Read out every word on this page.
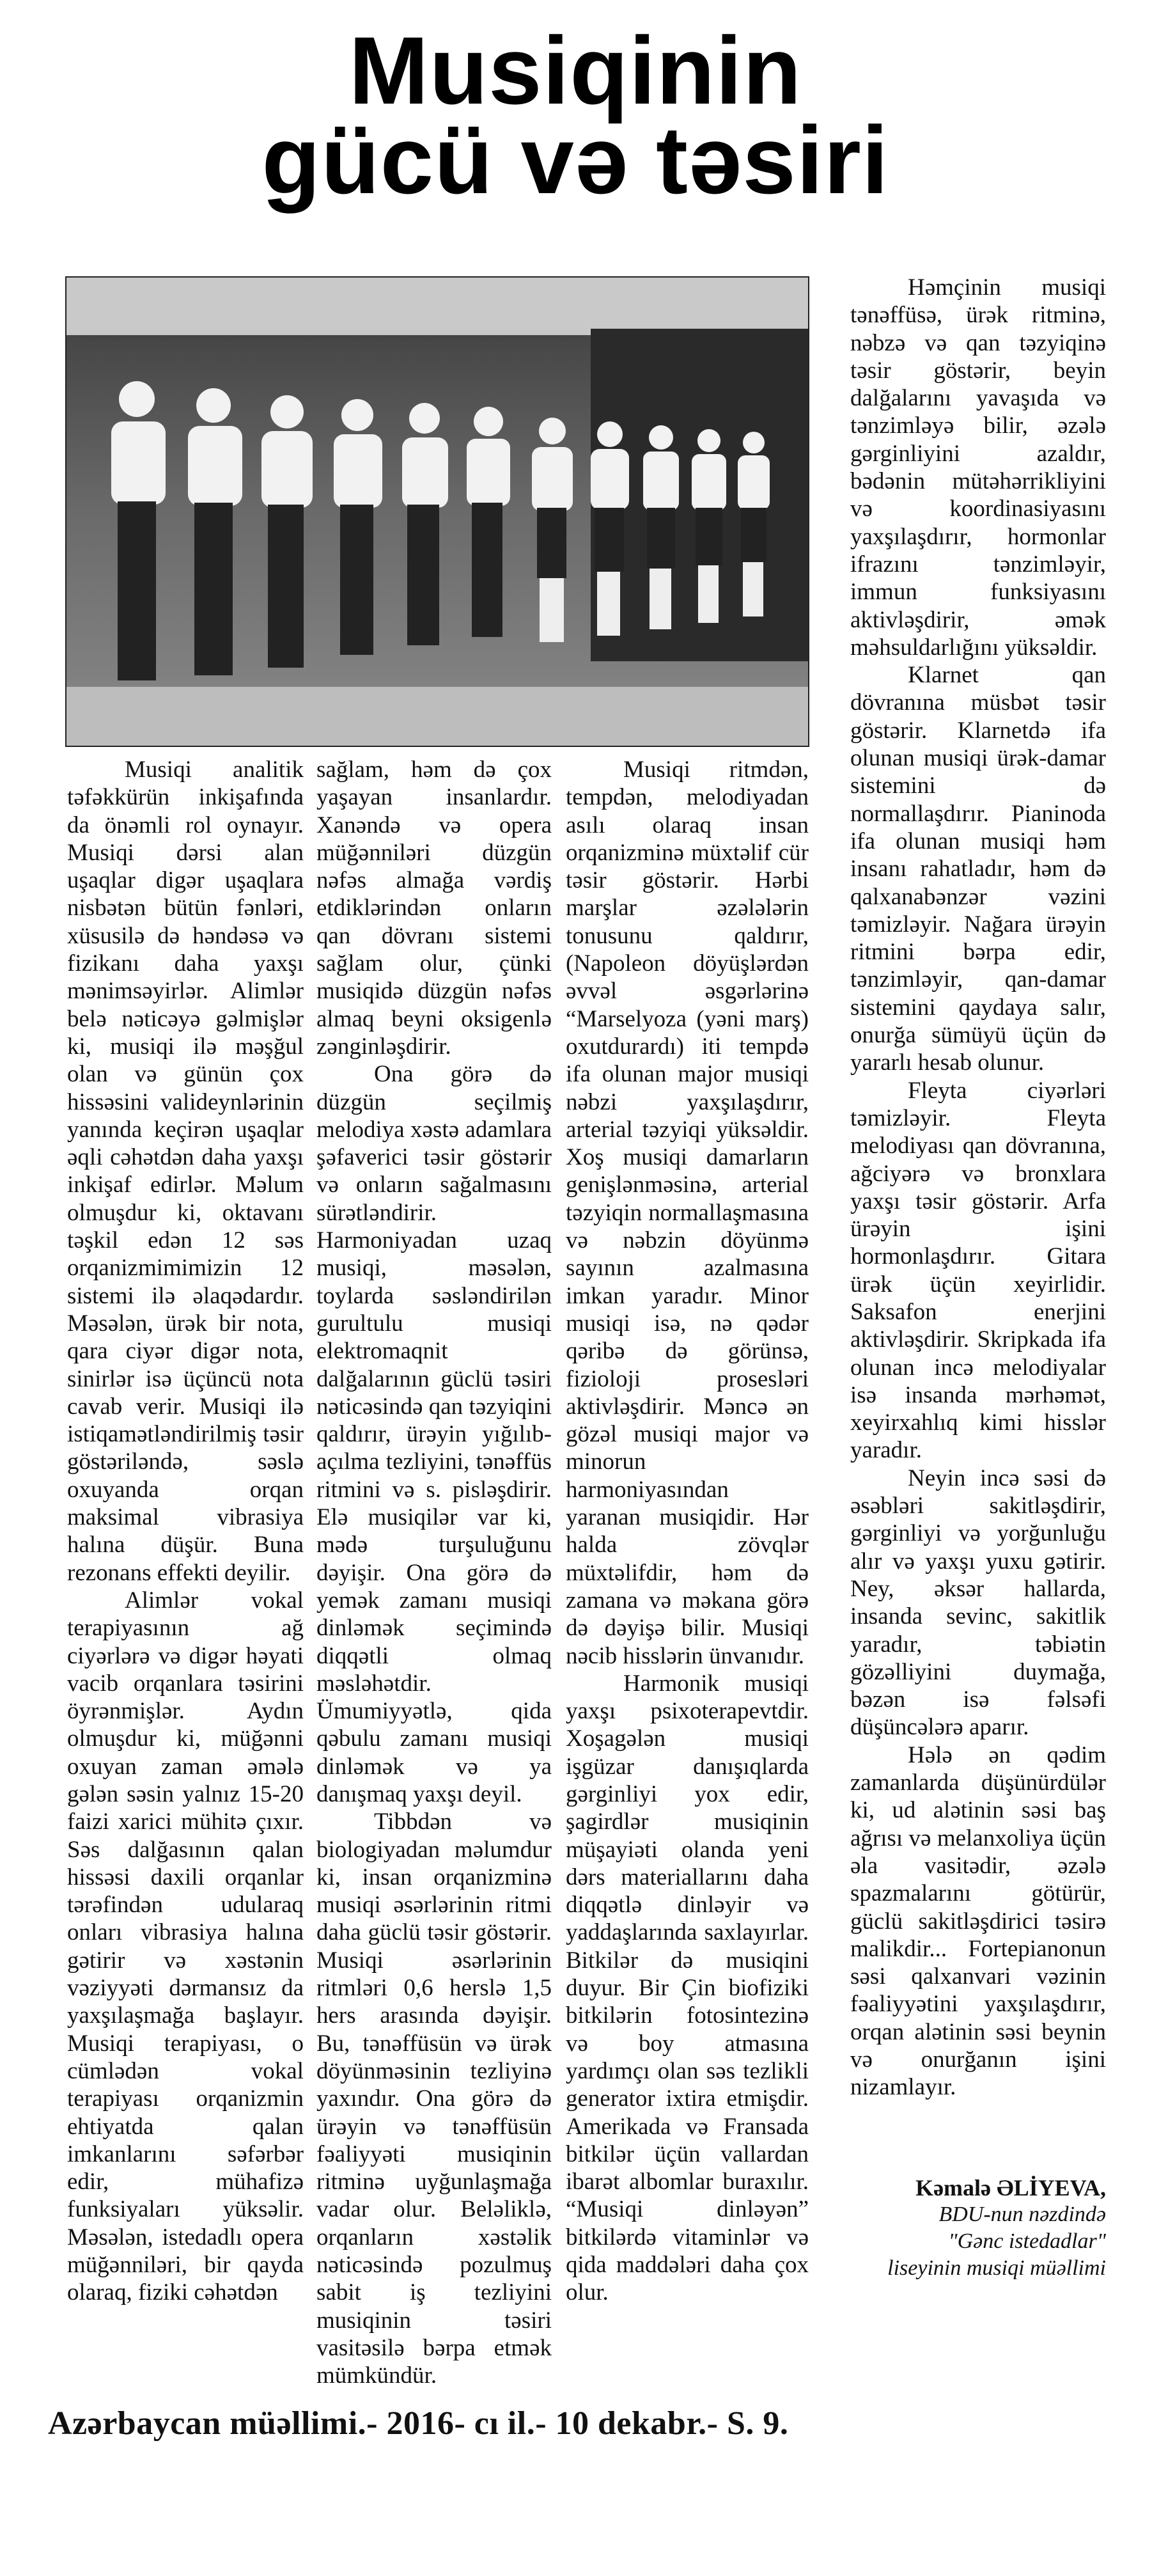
Musiqinin
gücü və təsiri

Musiqi analitik təfəkkürün inkişafında da önəmli rol oynayır. Musiqi dərsi alan uşaqlar digər uşaqlara nisbətən bütün fənləri, xüsusilə də həndəsə və fizikanı daha yaxşı mənimsəyirlər. Alimlər belə nəticəyə gəlmişlər ki, musiqi ilə məşğul olan və günün çox hissəsini valideynlərinin yanında keçirən uşaqlar əqli cəhətdən daha yaxşı inkişaf edirlər. Məlum olmuşdur ki, oktavanı təşkil edən 12 səs orqanizmimimizin 12 sistemi ilə əlaqədardır. Məsələn, ürək bir nota, qara ciyər digər nota, sinirlər isə üçüncü nota cavab verir. Musiqi ilə istiqamətləndirilmiş təsir göstəriləndə, səslə oxuyanda orqan maksimal vibrasiya halına düşür. Buna rezonans effekti deyilir.

Alimlər vokal terapiyasının ağ ciyərlərə və digər həyati vacib orqanlara təsirini öyrənmişlər. Aydın olmuşdur ki, müğənni oxuyan zaman əmələ gələn səsin yalnız 15-20 faizi xarici mühitə çıxır. Səs dalğasının qalan hissəsi daxili orqanlar tərəfindən udularaq onları vibrasiya halına gətirir və xəstənin vəziyyəti dərmansız da yaxşılaşmağa başlayır. Musiqi terapiyası, o cümlədən vokal terapiyası orqanizmin ehtiyatda qalan imkanlarını səfərbər edir, mühafizə funksiyaları yüksəlir. Məsələn, istedadlı opera müğənniləri, bir qayda olaraq, fiziki cəhətdən

sağlam, həm də çox yaşayan insanlardır. Xanəndə və opera müğənniləri düzgün nəfəs almağa vərdiş etdiklərindən onların qan dövranı sistemi sağlam olur, çünki musiqidə düzgün nəfəs almaq beyni oksigenlə zənginləşdirir.

Ona görə də düzgün seçilmiş melodiya xəstə adamlara şəfaverici təsir göstərir və onların sağalmasını sürətləndirir. Harmoniyadan uzaq musiqi, məsələn, toylarda səsləndirilən gurultulu musiqi elektromaqnit dalğalarının güclü təsiri nəticəsində qan təzyiqini qaldırır, ürəyin yığılıb-açılma tezliyini, tənəffüs ritmini və s. pisləşdirir. Elə musiqilər var ki, mədə turşuluğunu dəyişir. Ona görə də yemək zamanı musiqi dinləmək seçimində diqqətli olmaq məsləhətdir. Ümumiyyətlə, qida qəbulu zamanı musiqi dinləmək və ya danışmaq yaxşı deyil.

Tibbdən və biologiyadan məlumdur ki, insan orqanizminə musiqi əsərlərinin ritmi daha güclü təsir göstərir. Musiqi əsərlərinin ritmləri 0,6 herslə 1,5 hers arasında dəyişir. Bu, tənəffüsün və ürək döyünməsinin tezliyinə yaxındır. Ona görə də ürəyin və tənəffüsün fəaliyyəti musiqinin ritminə uyğunlaşmağa vadar olur. Beləliklə, orqanların xəstəlik nəticəsində pozulmuş sabit iş tezliyini musiqinin təsiri vasitəsilə bərpa etmək mümkündür.

Musiqi ritmdən, tempdən, melodiyadan asılı olaraq insan orqanizminə müxtəlif cür təsir göstərir. Hərbi marşlar əzələlərin tonusunu qaldırır, (Napoleon döyüşlərdən əvvəl əsgərlərinə “Marselyoza (yəni marş) oxutdurardı) iti tempdə ifa olunan major musiqi nəbzi yaxşılaşdırır, arterial təzyiqi yüksəldir. Xoş musiqi damarların genişlənməsinə, arterial təzyiqin normallaşmasına və nəbzin döyünmə sayının azalmasına imkan yaradır. Minor musiqi isə, nə qədər qəribə də görünsə, fizioloji prosesləri aktivləşdirir. Məncə ən gözəl musiqi major və minorun harmoniyasından yaranan musiqidir. Hər halda zövqlər müxtəlifdir, həm də zamana və məkana görə də dəyişə bilir. Musiqi nəcib hisslərin ünvanıdır.

Harmonik musiqi yaxşı psixoterapevtdir. Xoşagələn musiqi işgüzar danışıqlarda gərginliyi yox edir, şagirdlər musiqinin müşayiəti olanda yeni dərs materiallarını daha diqqətlə dinləyir və yaddaşlarında saxlayırlar. Bitkilər də musiqini duyur. Bir Çin biofiziki bitkilərin fotosintezinə və boy atmasına yardımçı olan səs tezlikli generator ixtira etmişdir. Amerikada və Fransada bitkilər üçün vallardan ibarət albomlar buraxılır. “Musiqi dinləyən” bitkilərdə vitaminlər və qida maddələri daha çox olur.

Həmçinin musiqi tənəffüsə, ürək ritminə, nəbzə və qan təzyiqinə təsir göstərir, beyin dalğalarını yavaşıda və tənzimləyə bilir, əzələ gərginliyini azaldır, bədənin mütəhərrikliyini və koordinasiyasını yaxşılaşdırır, hormonlar ifrazını tənzimləyir, immun funksiyasını aktivləşdirir, əmək məhsuldarlığını yüksəldir.

Klarnet qan dövranına müsbət təsir göstərir. Klarnetdə ifa olunan musiqi ürək-damar sistemini də normallaşdırır. Pianinoda ifa olunan musiqi həm insanı rahatladır, həm də qalxanabənzər vəzini təmizləyir. Nağara ürəyin ritmini bərpa edir, tənzimləyir, qan-damar sistemini qaydaya salır, onurğa sümüyü üçün də yararlı hesab olunur.

Fleyta ciyərləri təmizləyir. Fleyta melodiyası qan dövranına, ağciyərə və bronxlara yaxşı təsir göstərir. Arfa ürəyin işini hormonlaşdırır. Gitara ürək üçün xeyirlidir. Saksafon enerjini aktivləşdirir. Skripkada ifa olunan incə melodiyalar isə insanda mərhəmət, xeyirxahlıq kimi hisslər yaradır.

Neyin incə səsi də əsəbləri sakitləşdirir, gərginliyi və yorğunluğu alır və yaxşı yuxu gətirir. Ney, əksər hallarda, insanda sevinc, sakitlik yaradır, təbiətin gözəlliyini duymağa, bəzən isə fəlsəfi düşüncələrə aparır.

Hələ ən qədim zamanlarda düşünürdülər ki, ud alətinin səsi baş ağrısı və melanxoliya üçün əla vasitədir, əzələ spazmalarını götürür, güclü sakitləşdirici təsirə malikdir... Fortepianonun səsi qalxanvari vəzinin fəaliyyətini yaxşılaşdırır, orqan alətinin səsi beynin və onurğanın işini nizamlayır.

Kəmalə ƏLİYEVA,
BDU-nun nəzdində
"Gənc istedadlar"
liseyinin musiqi müəllimi
Azərbaycan müəllimi.- 2016- cı il.- 10 dekabr.- S. 9.
